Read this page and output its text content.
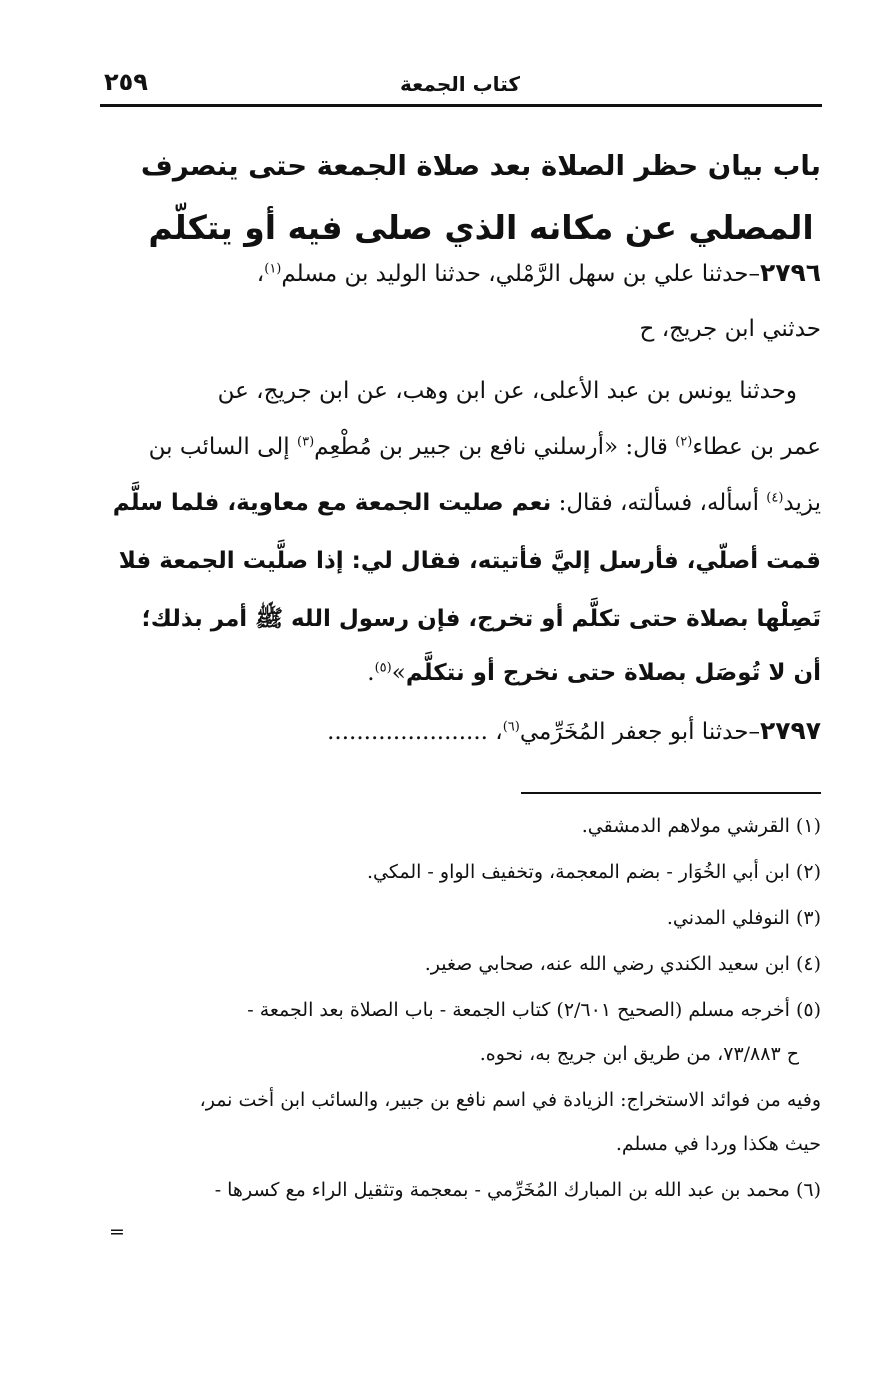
كتاب الجمعة
٢٥٩
باب بيان حظر الصلاة بعد صلاة الجمعة حتى ينصرف
المصلي عن مكانه الذي صلى فيه أو يتكلّم
٢٧٩٦–حدثنا علي بن سهل الرَّمْلي، حدثنا الوليد بن مسلم$^{(١)}$،
حدثني ابن جريج، ح
وحدثنا يونس بن عبد الأعلى، عن ابن وهب، عن ابن جريج، عن
عمر بن عطاء$^{(٢)}$ قال: «أرسلني نافع بن جبير بن مُطْعِم$^{(٣)}$ إلى السائب بن
يزيد$^{(٤)}$ أسأله، فسألته، فقال: نعم صليت الجمعة مع معاوية، فلما سلَّم
قمت أصلّي، فأرسل إليَّ فأتيته، فقال لي: إذا صلَّيت الجمعة فلا
تَصِلْها بصلاة حتى تكلَّم أو تخرج، فإن رسول الله ﷺ أمر بذلك؛
أن لا تُوصَل بصلاة حتى نخرج أو نتكلَّم»$^{(٥)}$.
٢٧٩٧–حدثنا أبو جعفر المُخَرِّمي$^{(٦)}$، ......................
(١) القرشي مولاهم الدمشقي.
(٢) ابن أبي الخُوَار - بضم المعجمة، وتخفيف الواو - المكي.
(٣) النوفلي المدني.
(٤) ابن سعيد الكندي رضي الله عنه، صحابي صغير.
(٥) أخرجه مسلم (الصحيح ٢/٦٠١) كتاب الجمعة - باب الصلاة بعد الجمعة -
ح ٧٣/٨٨٣، من طريق ابن جريج به، نحوه.
وفيه من فوائد الاستخراج: الزيادة في اسم نافع بن جبير، والسائب ابن أخت نمر،
حيث هكذا وردا في مسلم.
(٦) محمد بن عبد الله بن المبارك المُخَرِّمي - بمعجمة وتثقيل الراء مع كسرها -
=
